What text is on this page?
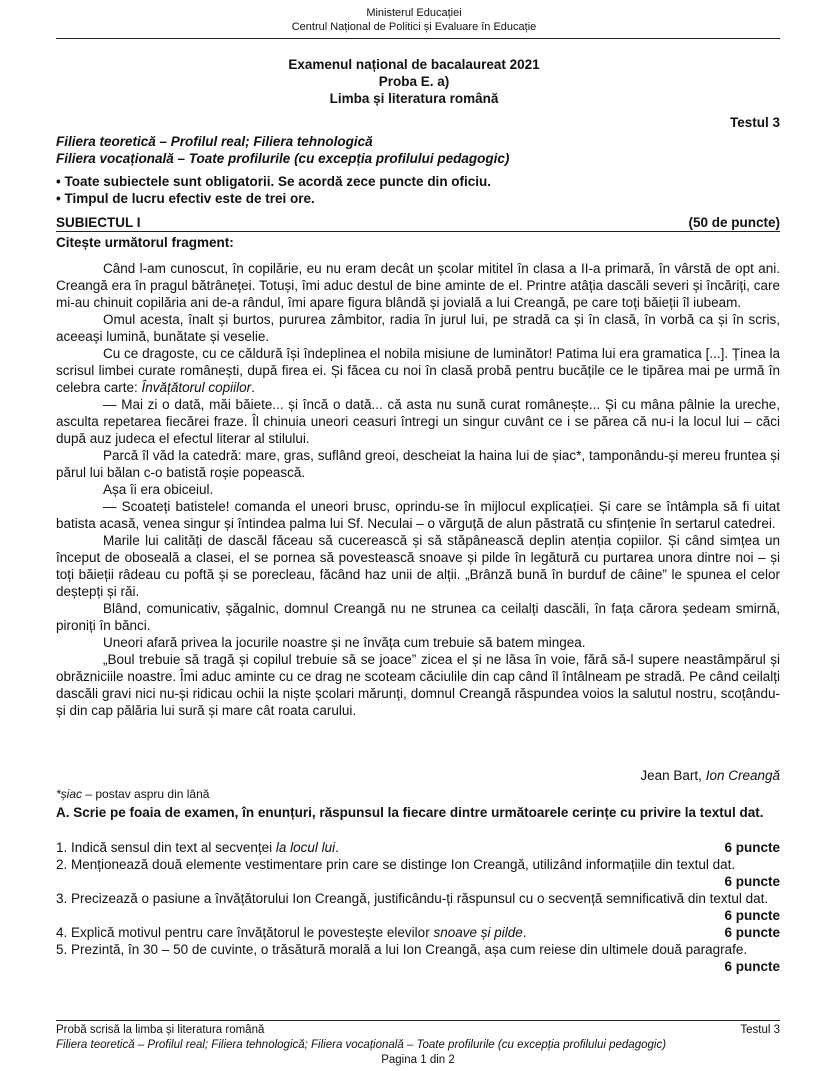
Ministerul Educației
Centrul Național de Politici și Evaluare în Educație
Examenul național de bacalaureat 2021
Proba E. a)
Limba și literatura română
Testul 3
Filiera teoretică – Profilul real; Filiera tehnologică
Filiera vocațională – Toate profilurile (cu excepția profilului pedagogic)
• Toate subiectele sunt obligatorii. Se acordă zece puncte din oficiu.
• Timpul de lucru efectiv este de trei ore.
SUBIECTUL I	(50 de puncte)
Citește următorul fragment:

Când l-am cunoscut, în copilărie, eu nu eram decât un școlar mititel în clasa a II-a primară, în vârstă de opt ani. Creangă era în pragul bătrâneței. Totuși, îmi aduc destul de bine aminte de el. Printre atâția dascăli severi și încăriți, care mi-au chinuit copilăria ani de-a rândul, îmi apare figura blândă și jovială a lui Creangă, pe care toți băieții îl iubeam.

Omul acesta, înalt și burtos, pururea zâmbitor, radia în jurul lui, pe stradă ca și în clasă, în vorbă ca și în scris, aceeași lumină, bunătate și veselie.

Cu ce dragoste, cu ce căldură își îndeplinea el nobila misiune de luminător! Patima lui era gramatica [...]. Ținea la scrisul limbei curate românești, după firea ei. Și făcea cu noi în clasă probă pentru bucățile ce le tipărea mai pe urmă în celebra carte: Învățătorul copiilor.

— Mai zi o dată, măi băiete... și încă o dată... că asta nu sună curat românește... Și cu mâna pâlnie la ureche, asculta repetarea fiecărei fraze. Îl chinuia uneori ceasuri întregi un singur cuvânt ce i se părea că nu-i la locul lui – căci după auz judeca el efectul literar al stilului.

Parcă îl văd la catedră: mare, gras, suflând greoi, descheiat la haina lui de șiac*, tamponându-și mereu fruntea și părul lui bălan c-o batistă roșie popească.

Așa îi era obiceiul.

— Scoateți batistele! comanda el uneori brusc, oprindu-se în mijlocul explicației. Și care se întâmpla să fi uitat batista acasă, venea singur și întindea palma lui Sf. Neculai – o vărguță de alun păstrată cu sfințenie în sertarul catedrei.

Marile lui calități de dascăl făceau să cucerească și să stăpânească deplin atenția copiilor. Și când simțea un început de oboseală a clasei, el se pornea să povestească snoave și pilde în legătură cu purtarea unora dintre noi – și toți băieții râdeau cu poftă și se porecleau, făcând haz unii de alții. „Brânză bună în burduf de câine” le spunea el celor deștepți și răi.

Blând, comunicativ, șăgalnic, domnul Creangă nu ne strunea ca ceilalți dascăli, în fața cărora ședeam smirnă, pironiți în bănci.

Uneori afară privea la jocurile noastre și ne învăța cum trebuie să batem mingea.

„Boul trebuie să tragă și copilul trebuie să se joace” zicea el și ne lăsa în voie, fără să-l supere neastâmpărul și obrăzniciile noastre. Îmi aduc aminte cu ce drag ne scoteam căciulile din cap când îl întâlneam pe stradă. Pe când ceilalți dascăli gravi nici nu-și ridicau ochii la niște școlari mărunți, domnul Creangă răspundea voios la salutul nostru, scoțându-și din cap pălăria lui sură și mare cât roata carului.

Jean Bart, Ion Creangă
*șiac – postav aspru din lână
A. Scrie pe foaia de examen, în enunțuri, răspunsul la fiecare dintre următoarele cerințe cu privire la textul dat.
6 puncte
1. Indică sensul din text al secvenței la locul lui.
2. Menționează două elemente vestimentare prin care se distinge Ion Creangă, utilizând informațiile din textul dat.
6 puncte
3. Precizează o pasiune a învățătorului Ion Creangă, justificându-ți răspunsul cu o secvență semnificativă din textul dat.
6 puncte
6 puncte
4. Explică motivul pentru care învățătorul le povestește elevilor snoave și pilde.
5. Prezintă, în 30 – 50 de cuvinte, o trăsătură morală a lui Ion Creangă, așa cum reiese din ultimele două paragrafe.
6 puncte
Probă scrisă la limba și literatura română	Testul 3
Filiera teoretică – Profilul real; Filiera tehnologică; Filiera vocațională – Toate profilurile (cu excepția profilului pedagogic)
Pagina 1 din 2
